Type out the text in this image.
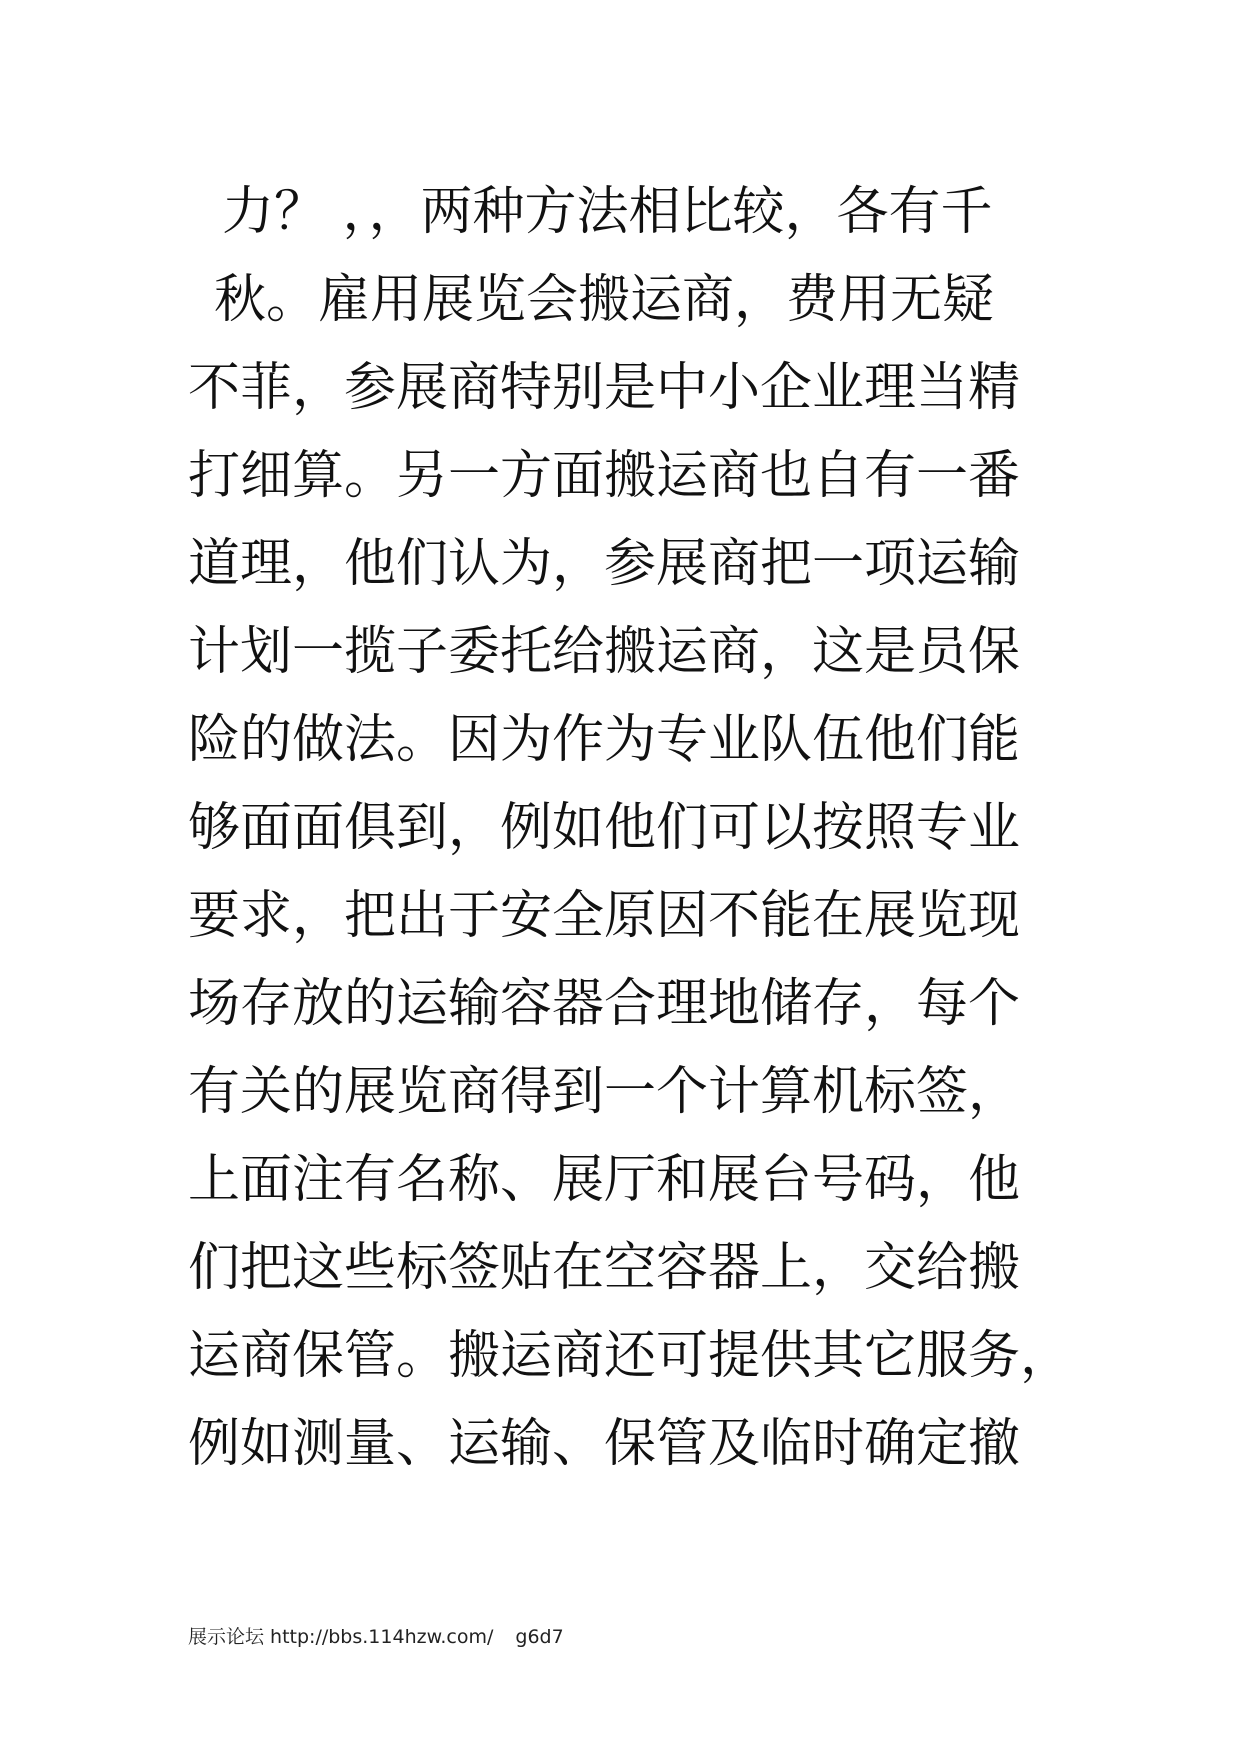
力？ ，，两种方法相比较，各有千
秋。雇用展览会搬运商，费用无疑
不菲，参展商特别是中小企业理当精
打细算。另一方面搬运商也自有一番
道理，他们认为，参展商把一项运输
计划一揽子委托给搬运商，这是员保
险的做法。因为作为专业队伍他们能
够面面俱到，例如他们可以按照专业
要求，把出于安全原因不能在展览现
场存放的运输容器合理地储存，每个
有关的展览商得到一个计算机标签，
上面注有名称、展厅和展台号码，他
们把这些标签贴在空容器上，交给搬
运商保管。搬运商还可提供其它服务，
例如测量、运输、保管及临时确定撤
展示论坛 http://bbs.114hzw.com/ g6d7
